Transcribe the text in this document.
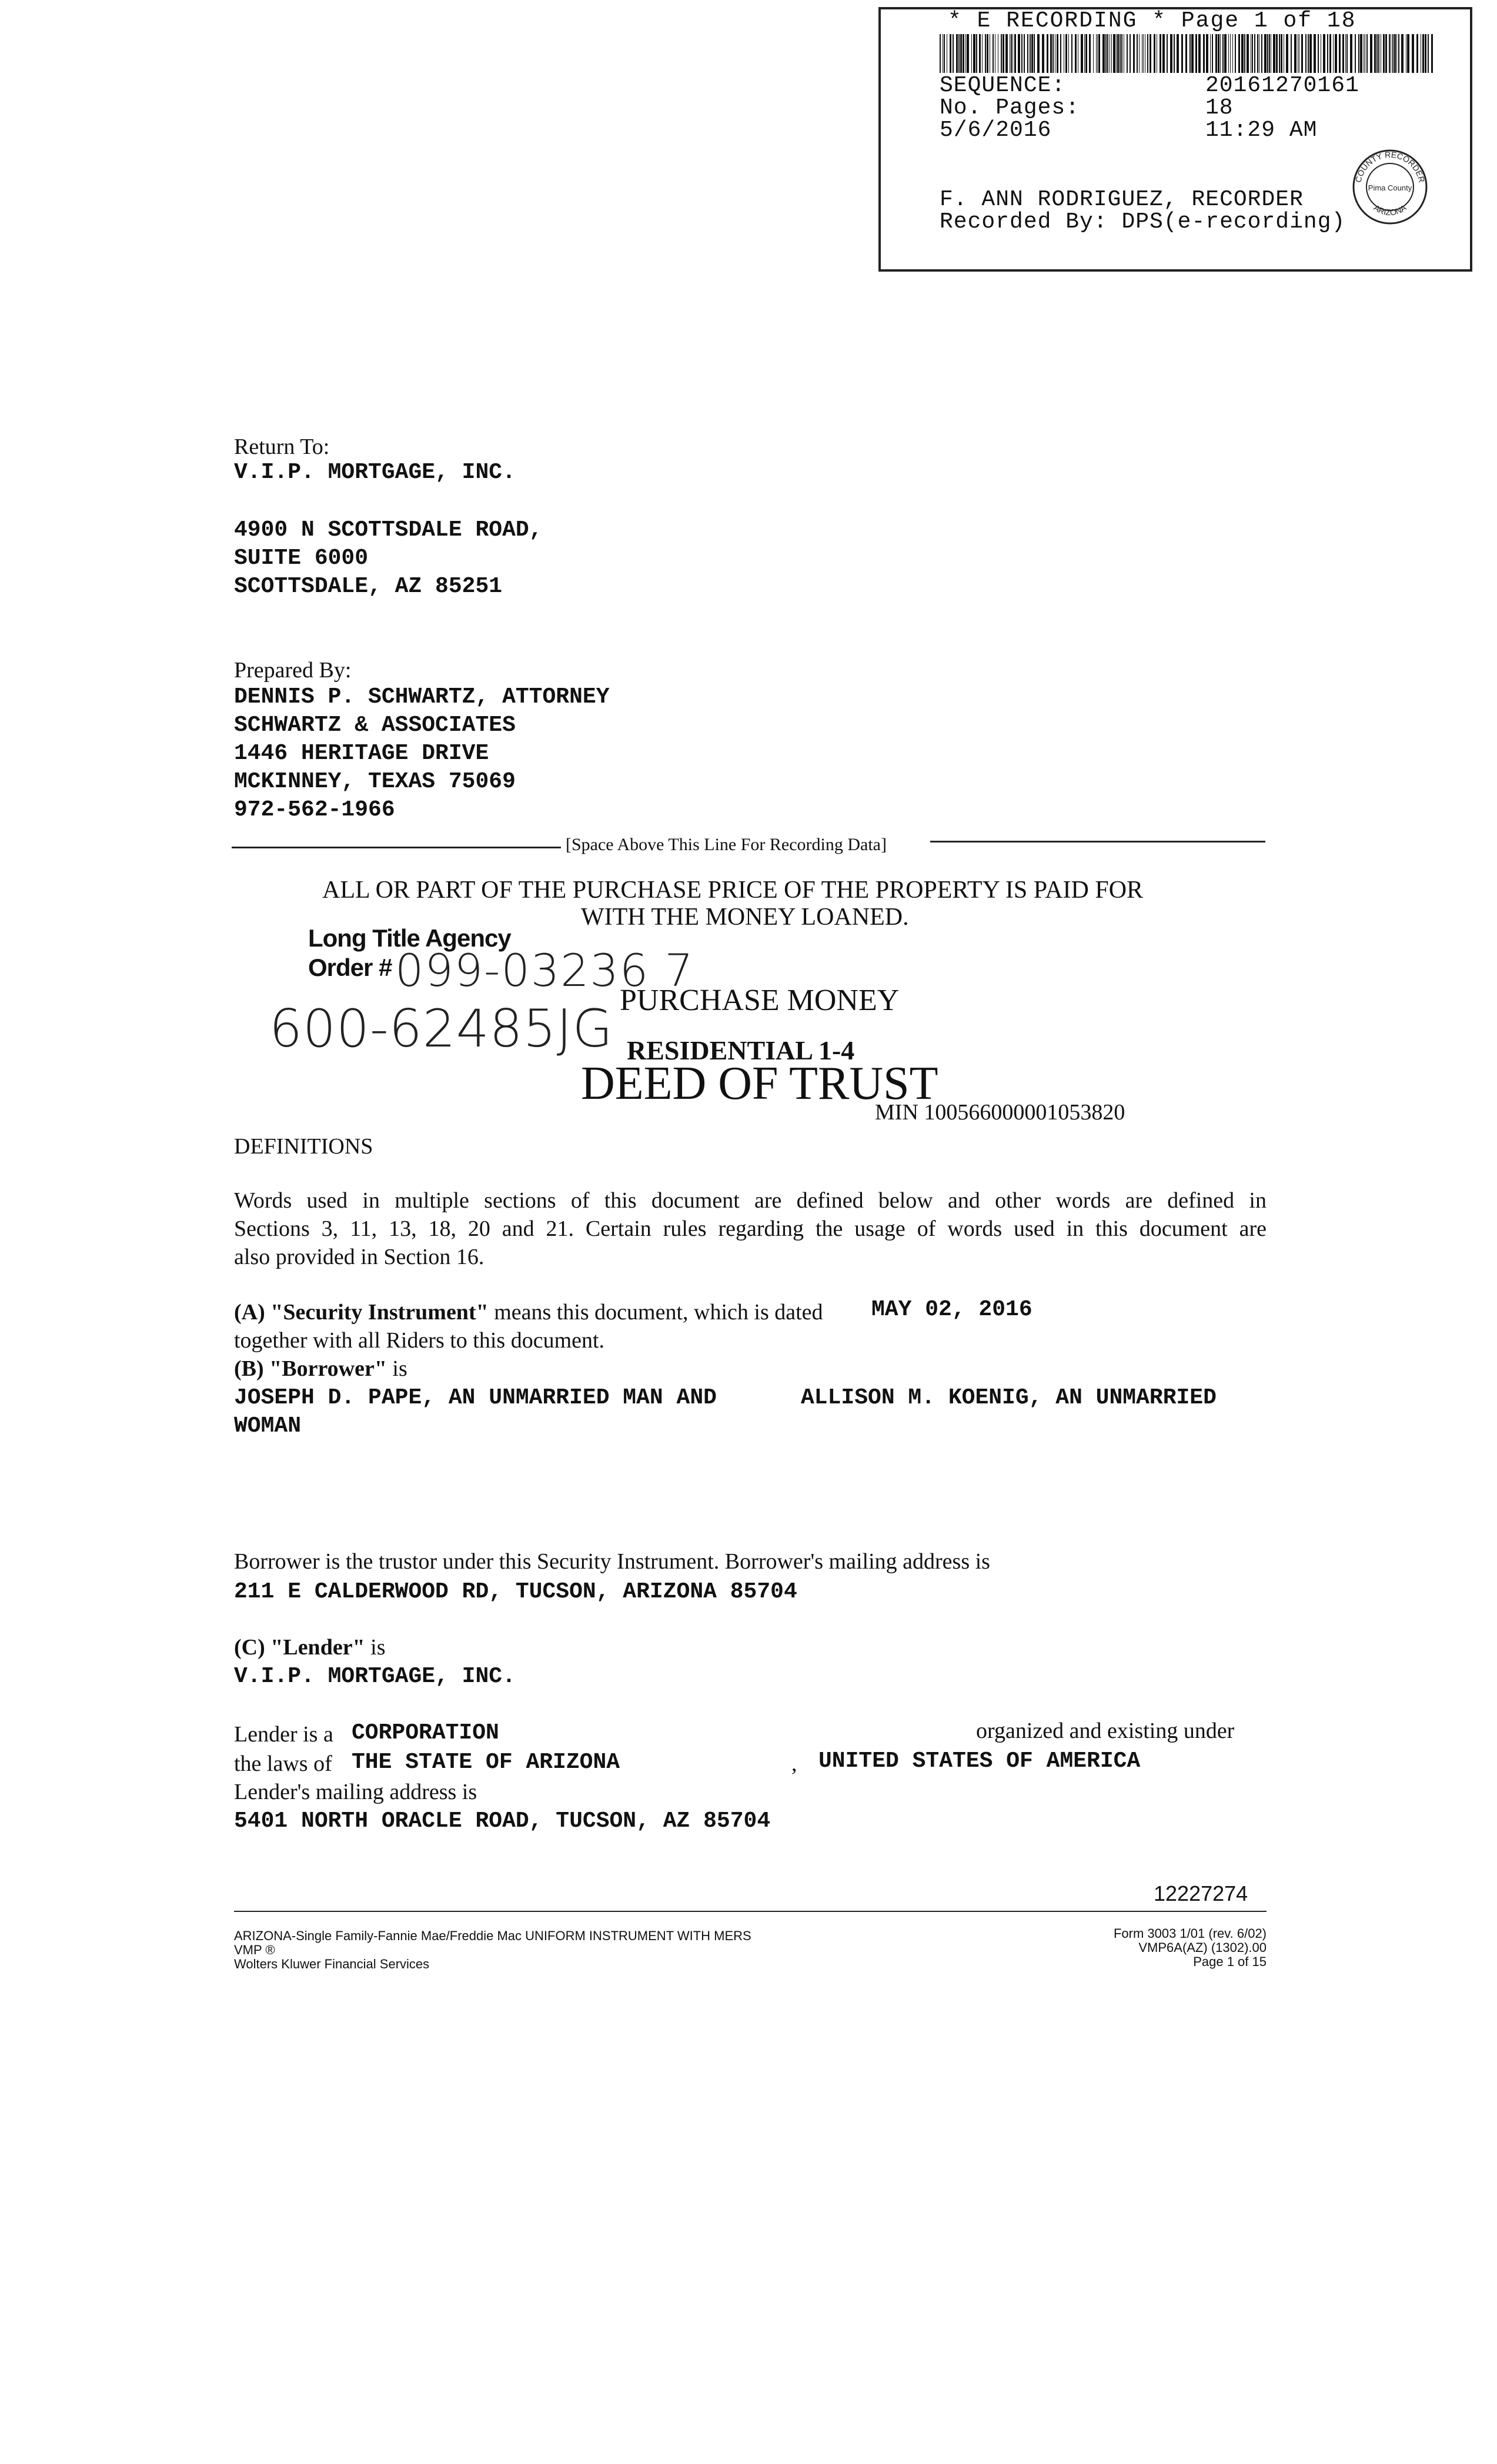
* E RECORDING * Page 1 of 18
SEQUENCE:	20161270161
No. Pages:	18
5/6/2016	11:29 AM
F. ANN RODRIGUEZ, RECORDER
Recorded By: DPS(e-recording)
COUNTY RECORDER
ARIZONA
Pima County
Return To:
V.I.P. MORTGAGE, INC.
4900 N SCOTTSDALE ROAD,
SUITE 6000
SCOTTSDALE, AZ 85251
Prepared By:
DENNIS P. SCHWARTZ, ATTORNEY
SCHWARTZ & ASSOCIATES
1446 HERITAGE DRIVE
MCKINNEY, TEXAS 75069
972-562-1966
[Space Above This Line For Recording Data]
ALL OR PART OF THE PURCHASE PRICE OF THE PROPERTY IS PAID FOR
WITH THE MONEY LOANED.
Long Title Agency
Order # 099-03236 7
600-62485JG PURCHASE MONEY
RESIDENTIAL 1-4
DEED OF TRUST
MIN 100566000001053820
DEFINITIONS
Words used in multiple sections of this document are defined below and other words are defined in
Sections 3, 11, 13, 18, 20 and 21. Certain rules regarding the usage of words used in this document are
also provided in Section 16.
(A) "Security Instrument" means this document, which is dated MAY 02, 2016
together with all Riders to this document.
(B) "Borrower" is
JOSEPH D. PAPE, AN UNMARRIED MAN AND	ALLISON M. KOENIG, AN UNMARRIED
WOMAN
Borrower is the trustor under this Security Instrument. Borrower's mailing address is
211 E CALDERWOOD RD, TUCSON, ARIZONA 85704
(C) "Lender" is
V.I.P. MORTGAGE, INC.
Lender is a CORPORATION	organized and existing under
the laws of THE STATE OF ARIZONA	, UNITED STATES OF AMERICA
Lender's mailing address is
5401 NORTH ORACLE ROAD, TUCSON, AZ 85704
12227274
ARIZONA-Single Family-Fannie Mae/Freddie Mac UNIFORM INSTRUMENT WITH MERS
VMP ®
Wolters Kluwer Financial Services
Form 3003 1/01 (rev. 6/02)
VMP6A(AZ) (1302).00
Page 1 of 15
